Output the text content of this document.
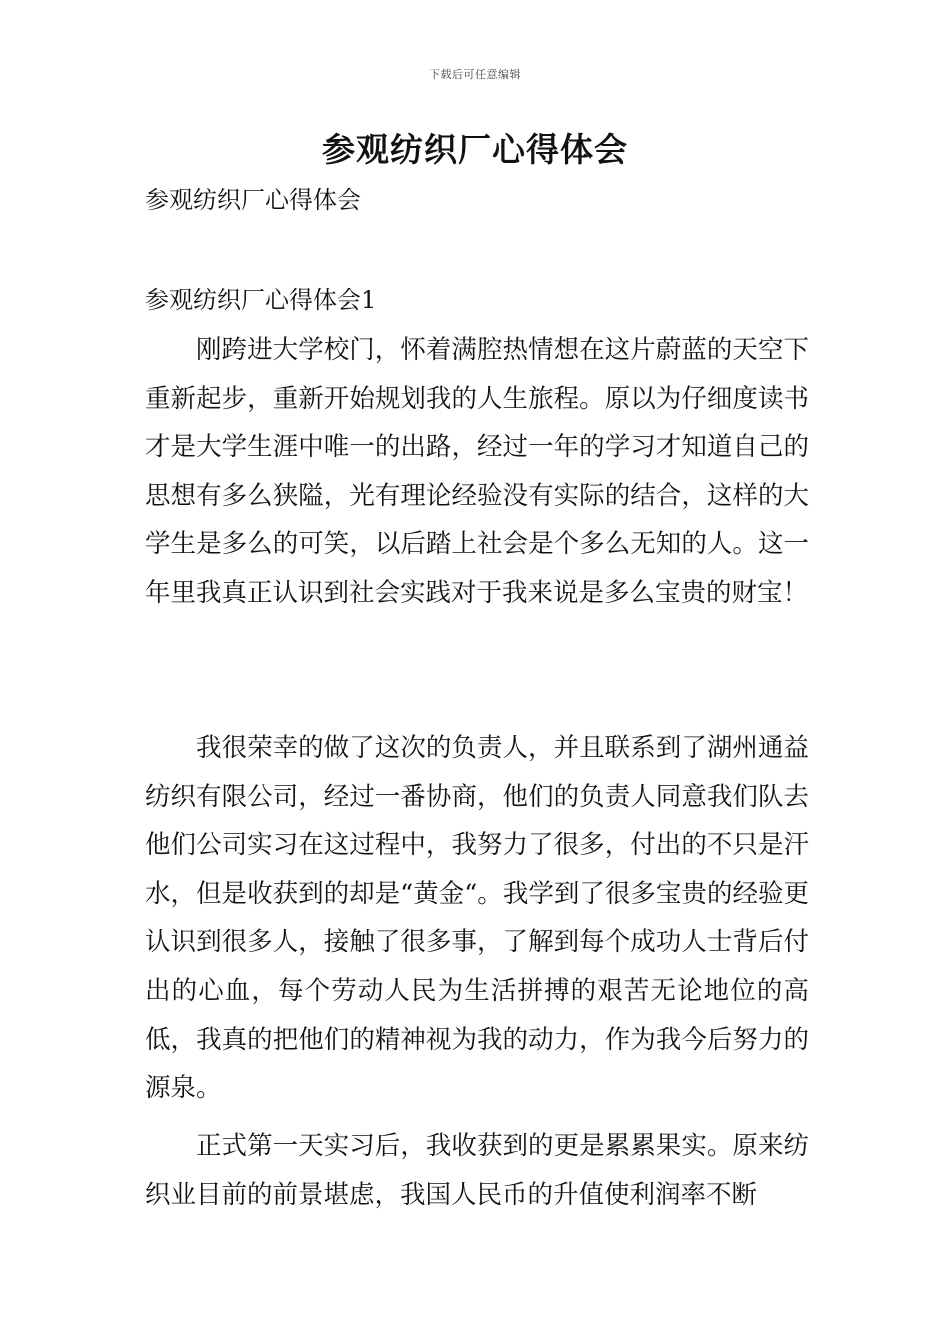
下载后可任意编辑
参观纺织厂心得体会

参观纺织厂心得体会

参观纺织厂心得体会1

刚跨进大学校门，怀着满腔热情想在这片蔚蓝的天空下重新起步，重新开始规划我的人生旅程。原以为仔细度读书才是大学生涯中唯一的出路，经过一年的学习才知道自己的思想有多么狭隘，光有理论经验没有实际的结合，这样的大学生是多么的可笑，以后踏上社会是个多么无知的人。这一年里我真正认识到社会实践对于我来说是多么宝贵的财宝！

我很荣幸的做了这次的负责人，并且联系到了湖州通益纺织有限公司，经过一番协商，他们的负责人同意我们队去他们公司实习在这过程中，我努力了很多，付出的不只是汗水，但是收获到的却是“黄金“。我学到了很多宝贵的经验更认识到很多人，接触了很多事，了解到每个成功人士背后付出的心血，每个劳动人民为生活拼搏的艰苦无论地位的高低，我真的把他们的精神视为我的动力，作为我今后努力的源泉。

正式第一天实习后，我收获到的更是累累果实。原来纺织业目前的前景堪虑，我国人民币的升值使利润率不断
